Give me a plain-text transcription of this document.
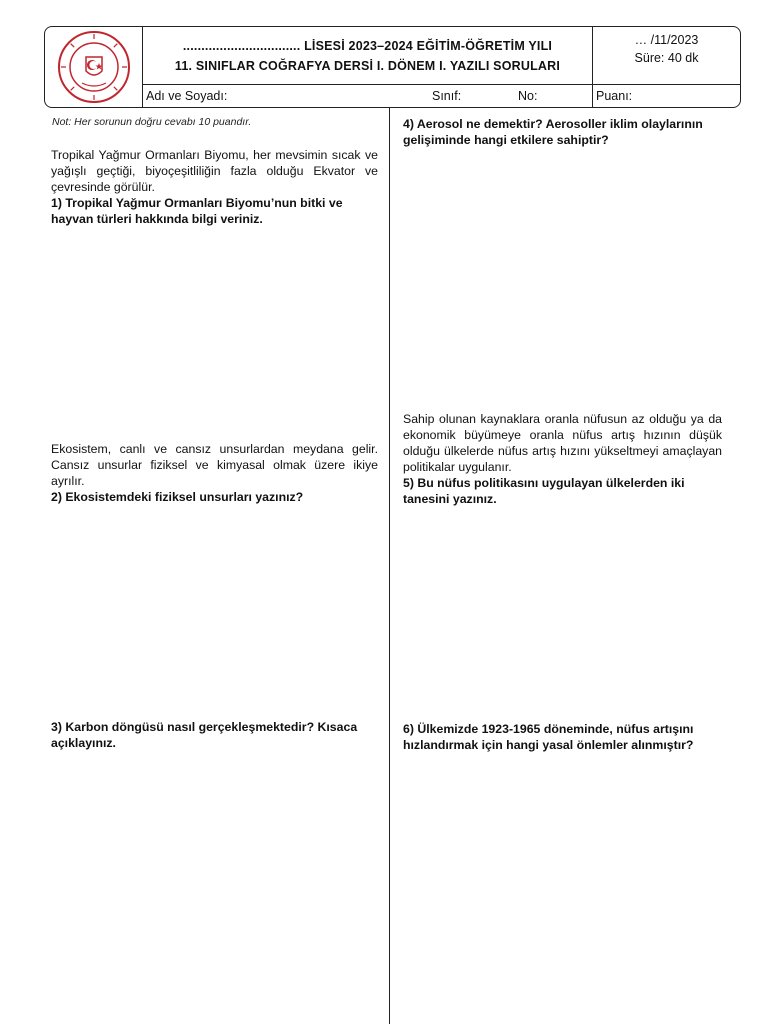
................................ LİSESİ 2023–2024 EĞİTİM-ÖĞRETİM YILI
11. SINIFLAR COĞRAFYA DERSİ I. DÖNEM I. YAZILI SORULARI
… /11/2023
Süre: 40 dk
Adı ve Soyadı:	Sınıf:	No:	Puanı:
Not: Her sorunun doğru cevabı 10 puandır.

Tropikal Yağmur Ormanları Biyomu, her mevsimin sıcak ve yağışlı geçtiği, biyoçeşitliliğin fazla olduğu Ekvator ve çevresinde görülür.

1) Tropikal Yağmur Ormanları Biyomu’nun bitki ve hayvan türleri hakkında bilgi veriniz.

Ekosistem, canlı ve cansız unsurlardan meydana gelir. Cansız unsurlar fiziksel ve kimyasal olmak üzere ikiye ayrılır.

2) Ekosistemdeki fiziksel unsurları yazınız?

3) Karbon döngüsü nasıl gerçekleşmektedir? Kısaca açıklayınız.

4) Aerosol ne demektir? Aerosoller iklim olaylarının gelişiminde hangi etkilere sahiptir?

Sahip olunan kaynaklara oranla nüfusun az olduğu ya da ekonomik büyümeye oranla nüfus artış hızının düşük olduğu ülkelerde nüfus artış hızını yükseltmeyi amaçlayan politikalar uygulanır.

5) Bu nüfus politikasını uygulayan ülkelerden iki tanesini yazınız.

6) Ülkemizde 1923-1965 döneminde, nüfus artışını hızlandırmak için hangi yasal önlemler alınmıştır?
